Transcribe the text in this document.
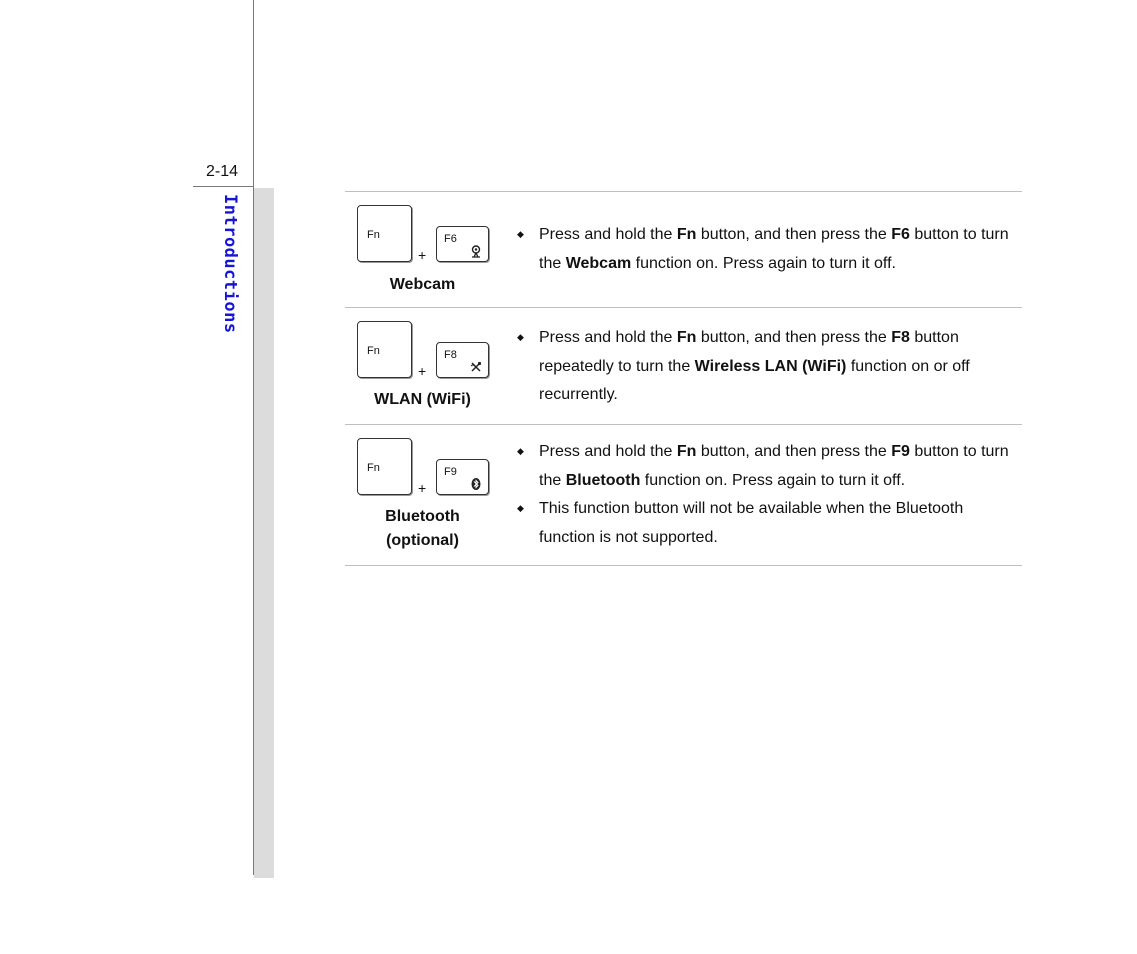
2-14
Introductions	Fn
+
F6
Webcam
◆ Press and hold the Fn button, and then press the F6 button to turn the Webcam function on. Press again to turn it off.
Fn
+
F8
WLAN (WiFi)
◆ Press and hold the Fn button, and then press the F8 button repeatedly to turn the Wireless LAN (WiFi) function on or off recurrently.
Fn
+
F9
Bluetooth
(optional)
◆ Press and hold the Fn button, and then press the F9 button to turn the Bluetooth function on. Press again to turn it off.
◆ This function button will not be available when the Bluetooth function is not supported.
